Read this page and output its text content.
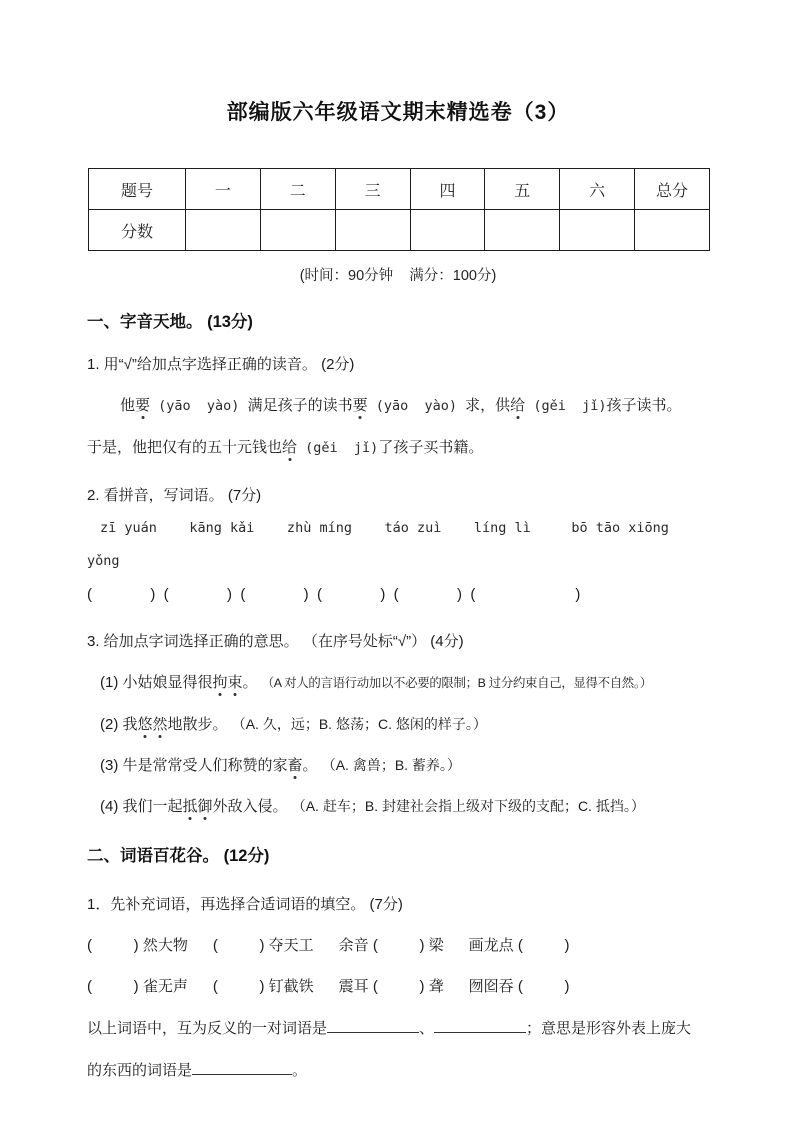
部编版六年级语文期末精选卷（3）
题号	一	二	三	四	五	六	总分
分数							
(时间：90分钟    满分：100分)
一、字音天地。 (13分)
1. 用“√”给加点字选择正确的读音。 (2分)
他要 (yāo  yào) 满足孩子的读书要 (yāo  yào) 求，供给 (gěi  jǐ)孩子读书。
于是，他把仅有的五十元钱也给 (gěi  jǐ)了孩子买书籍。
2. 看拼音，写词语。 (7分)
zī yuán    kāng kǎi    zhù míng    táo zuì    líng lì     bō tāo xiōng
yǒng
(              )  (              )  (              )  (              )  (              )  (                        )
3. 给加点字词选择正确的意思。 （在序号处标“√”） (4分)
(1) 小姑娘显得很拘束。 （A 对人的言语行动加以不必要的限制；B 过分约束自己，显得不自然。）
(2) 我悠然地散步。 （A. 久，远；B. 悠荡；C. 悠闲的样子。）
(3) 牛是常常受人们称赞的家畜。 （A. 禽兽；B. 蓄养。）
(4) 我们一起抵御外敌入侵。 （A. 赶车；B. 封建社会指上级对下级的支配；C. 抵挡。）
二、词语百花谷。 (12分)
1．先补充词语，再选择合适词语的填空。 (7分)
(          ) 然大物      (          ) 夺天工      余音 (          ) 梁      画龙点 (          )
(          ) 雀无声      (          ) 钉截铁      震耳 (          ) 聋      囫囵吞 (          )
以上词语中，互为反义的一对词语是	、	；意思是形容外表上庞大
的东西的词语是	。
